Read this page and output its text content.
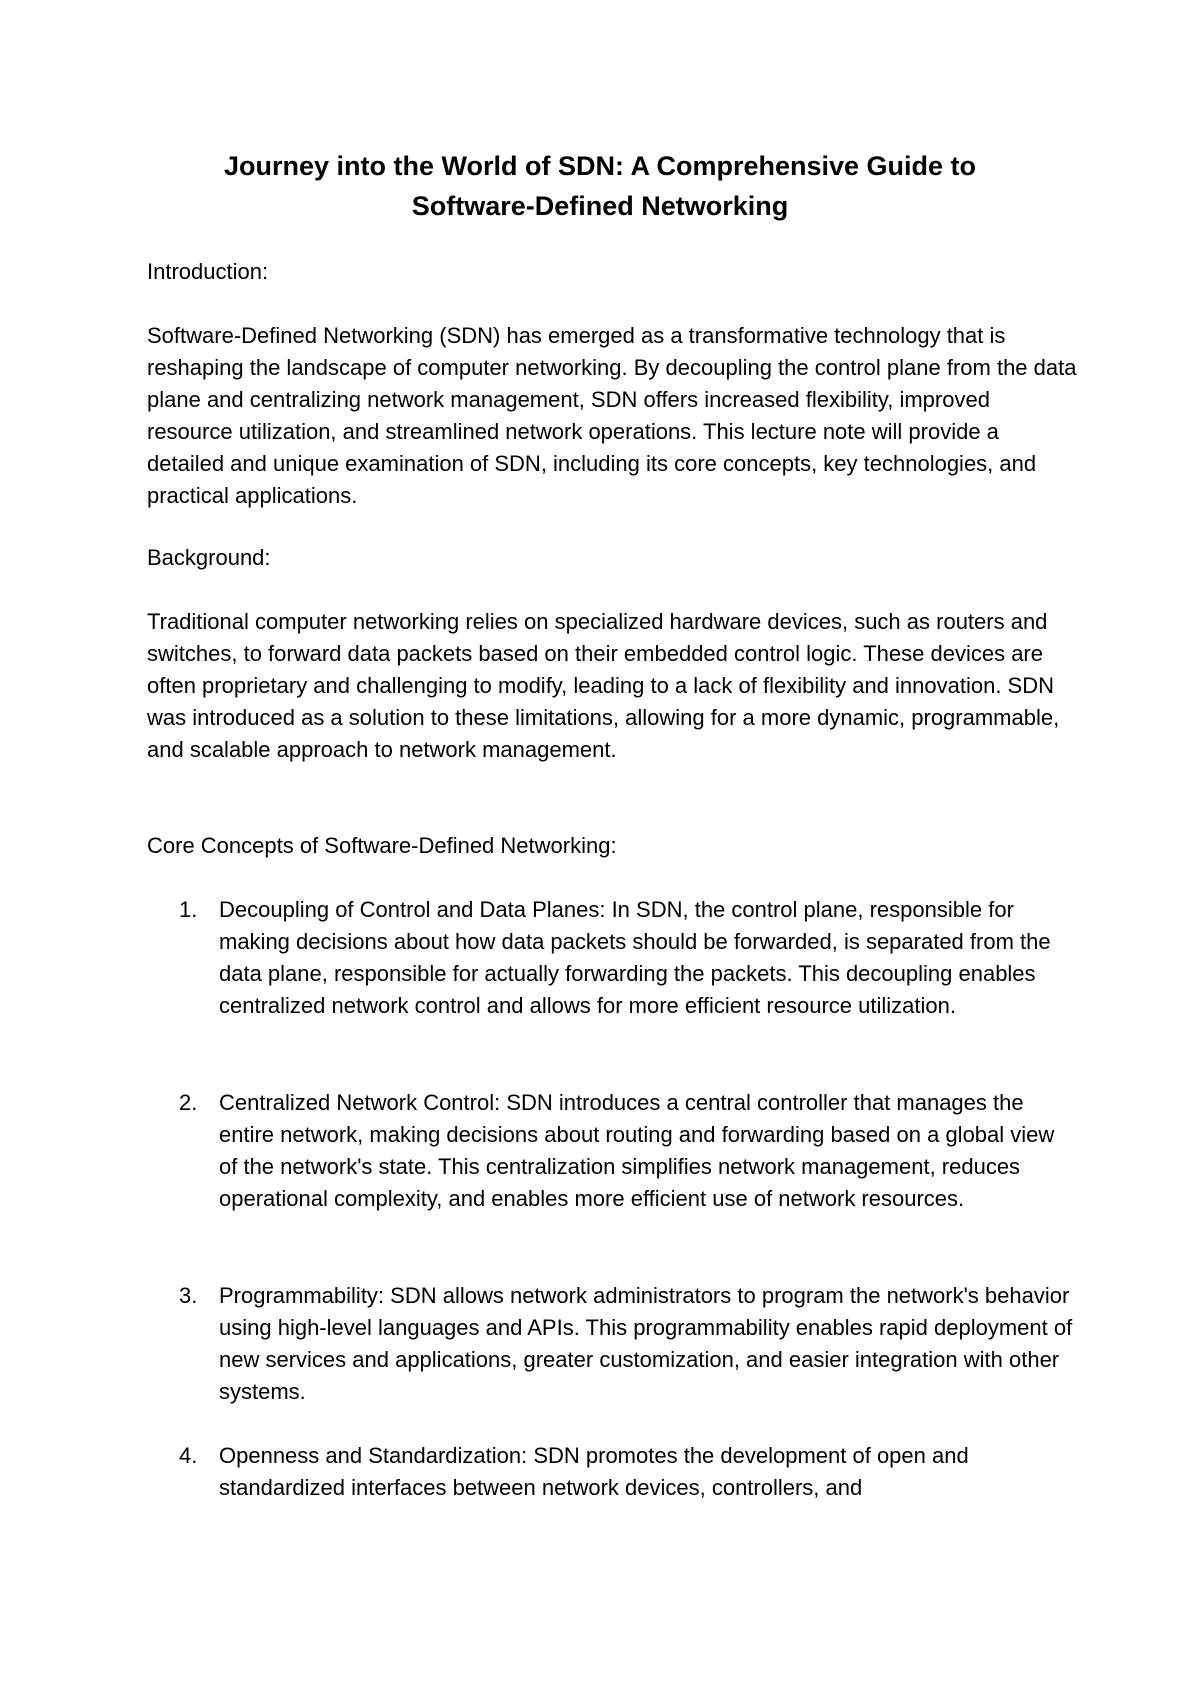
Journey into the World of SDN: A Comprehensive Guide to
Software-Defined Networking

Introduction:

Software-Defined Networking (SDN) has emerged as a transformative technology that is reshaping the landscape of computer networking. By decoupling the control plane from the data plane and centralizing network management, SDN offers increased flexibility, improved resource utilization, and streamlined network operations. This lecture note will provide a detailed and unique examination of SDN, including its core concepts, key technologies, and practical applications.

Background:

Traditional computer networking relies on specialized hardware devices, such as routers and switches, to forward data packets based on their embedded control logic. These devices are often proprietary and challenging to modify, leading to a lack of flexibility and innovation. SDN was introduced as a solution to these limitations, allowing for a more dynamic, programmable, and scalable approach to network management.

Core Concepts of Software-Defined Networking:

1. Decoupling of Control and Data Planes: In SDN, the control plane, responsible for making decisions about how data packets should be forwarded, is separated from the data plane, responsible for actually forwarding the packets. This decoupling enables centralized network control and allows for more efficient resource utilization.

2. Centralized Network Control: SDN introduces a central controller that manages the entire network, making decisions about routing and forwarding based on a global view of the network's state. This centralization simplifies network management, reduces operational complexity, and enables more efficient use of network resources.

3. Programmability: SDN allows network administrators to program the network's behavior using high-level languages and APIs. This programmability enables rapid deployment of new services and applications, greater customization, and easier integration with other systems.

4. Openness and Standardization: SDN promotes the development of open and standardized interfaces between network devices, controllers, and
